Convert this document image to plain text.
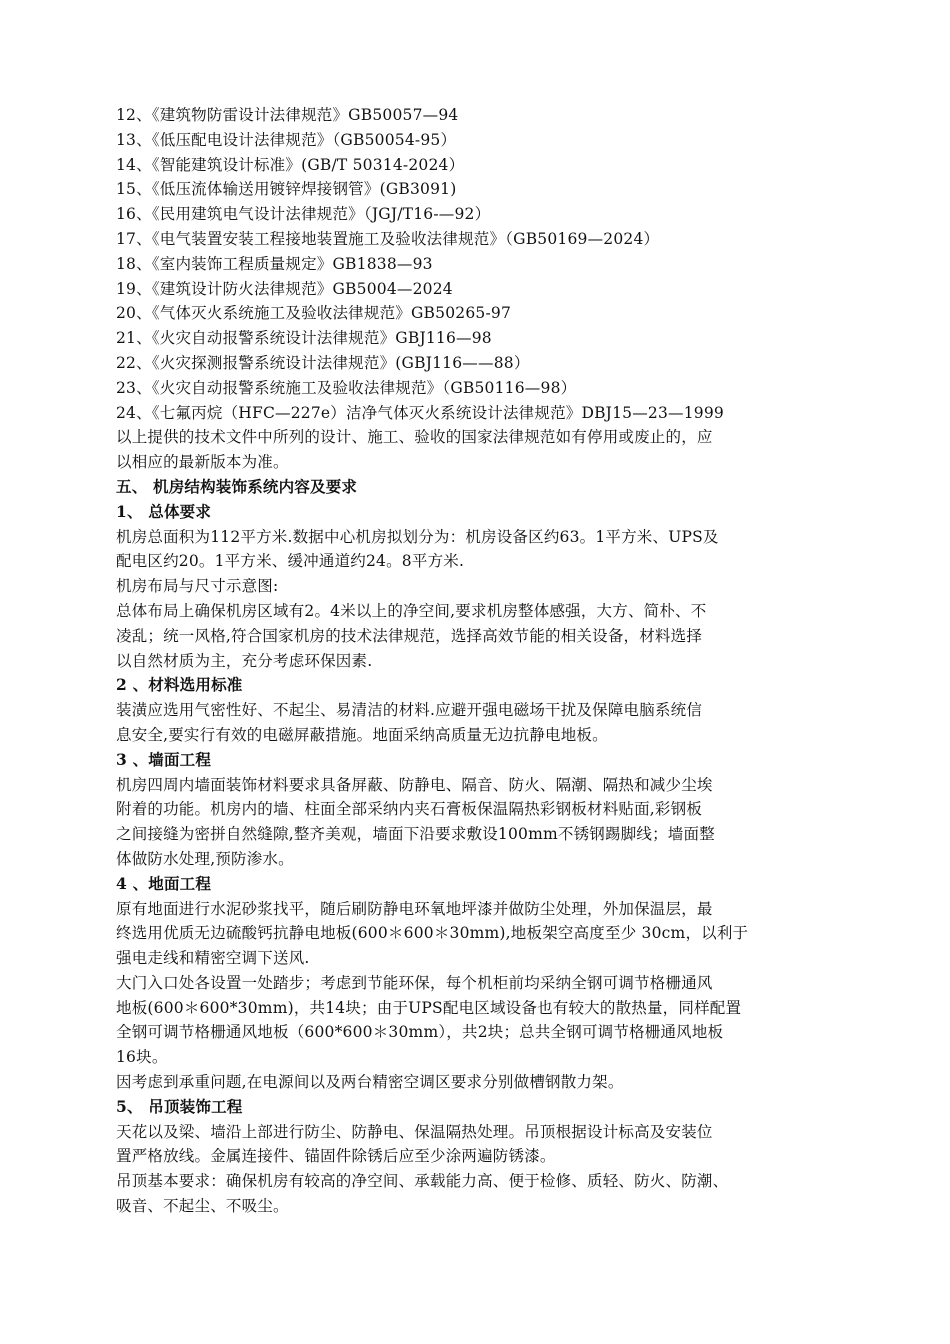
12、《建筑物防雷设计法律规范》GB50057—94
13、《低压配电设计法律规范》（GB50054-95）
14、《智能建筑设计标准》(GB/T 50314-2024）
15、《低压流体输送用镀锌焊接钢管》(GB3091)
16、《民用建筑电气设计法律规范》（JGJ/T16-—92）
17、《电气装置安装工程接地装置施工及验收法律规范》（GB50169—2024）
18、《室内装饰工程质量规定》GB1838—93
19、《建筑设计防火法律规范》GB5004—2024
20、《气体灭火系统施工及验收法律规范》GB50265-97
21、《火灾自动报警系统设计法律规范》GBJ116—98
22、《火灾探测报警系统设计法律规范》(GBJ116——88）
23、《火灾自动报警系统施工及验收法律规范》（GB50116—98）
24、《七氟丙烷（HFC—227e）洁净气体灭火系统设计法律规范》DBJ15—23—1999
以上提供的技术文件中所列的设计、施工、验收的国家法律规范如有停用或废止的，应
以相应的最新版本为准。
五、 机房结构装饰系统内容及要求
1、 总体要求
机房总面积为112平方米.数据中心机房拟划分为：机房设备区约63。1平方米、UPS及
配电区约20。1平方米、缓冲通道约24。8平方米.
机房布局与尺寸示意图:
总体布局上确保机房区域有2。4米以上的净空间,要求机房整体感强，大方、简朴、不
凌乱；统一风格,符合国家机房的技术法律规范，选择高效节能的相关设备，材料选择
以自然材质为主，充分考虑环保因素.
2 、材料选用标准
装潢应选用气密性好、不起尘、易清洁的材料.应避开强电磁场干扰及保障电脑系统信
息安全,要实行有效的电磁屏蔽措施。地面采纳高质量无边抗静电地板。
3 、墙面工程
机房四周内墙面装饰材料要求具备屏蔽、防静电、隔音、防火、隔潮、隔热和减少尘埃
附着的功能。机房内的墙、柱面全部采纳内夹石膏板保温隔热彩钢板材料贴面,彩钢板
之间接缝为密拼自然缝隙,整齐美观，墙面下沿要求敷设100mm不锈钢踢脚线；墙面整
体做防水处理,预防渗水。
4 、地面工程
原有地面进行水泥砂浆找平，随后刷防静电环氧地坪漆并做防尘处理，外加保温层，最
终选用优质无边硫酸钙抗静电地板(600＊600＊30mm),地板架空高度至少 30cm，以利于
强电走线和精密空调下送风.
大门入口处各设置一处踏步；考虑到节能环保，每个机柜前均采纳全钢可调节格栅通风
地板(600＊600*30mm)，共14块；由于UPS配电区域设备也有较大的散热量，同样配置
全钢可调节格栅通风地板（600*600＊30mm），共2块；总共全钢可调节格栅通风地板
16块。
因考虑到承重问题,在电源间以及两台精密空调区要求分别做槽钢散力架。
5、 吊顶装饰工程
天花以及梁、墙沿上部进行防尘、防静电、保温隔热处理。吊顶根据设计标高及安装位
置严格放线。金属连接件、锚固件除锈后应至少涂两遍防锈漆。
吊顶基本要求：确保机房有较高的净空间、承载能力高、便于检修、质轻、防火、防潮、
吸音、不起尘、不吸尘。
